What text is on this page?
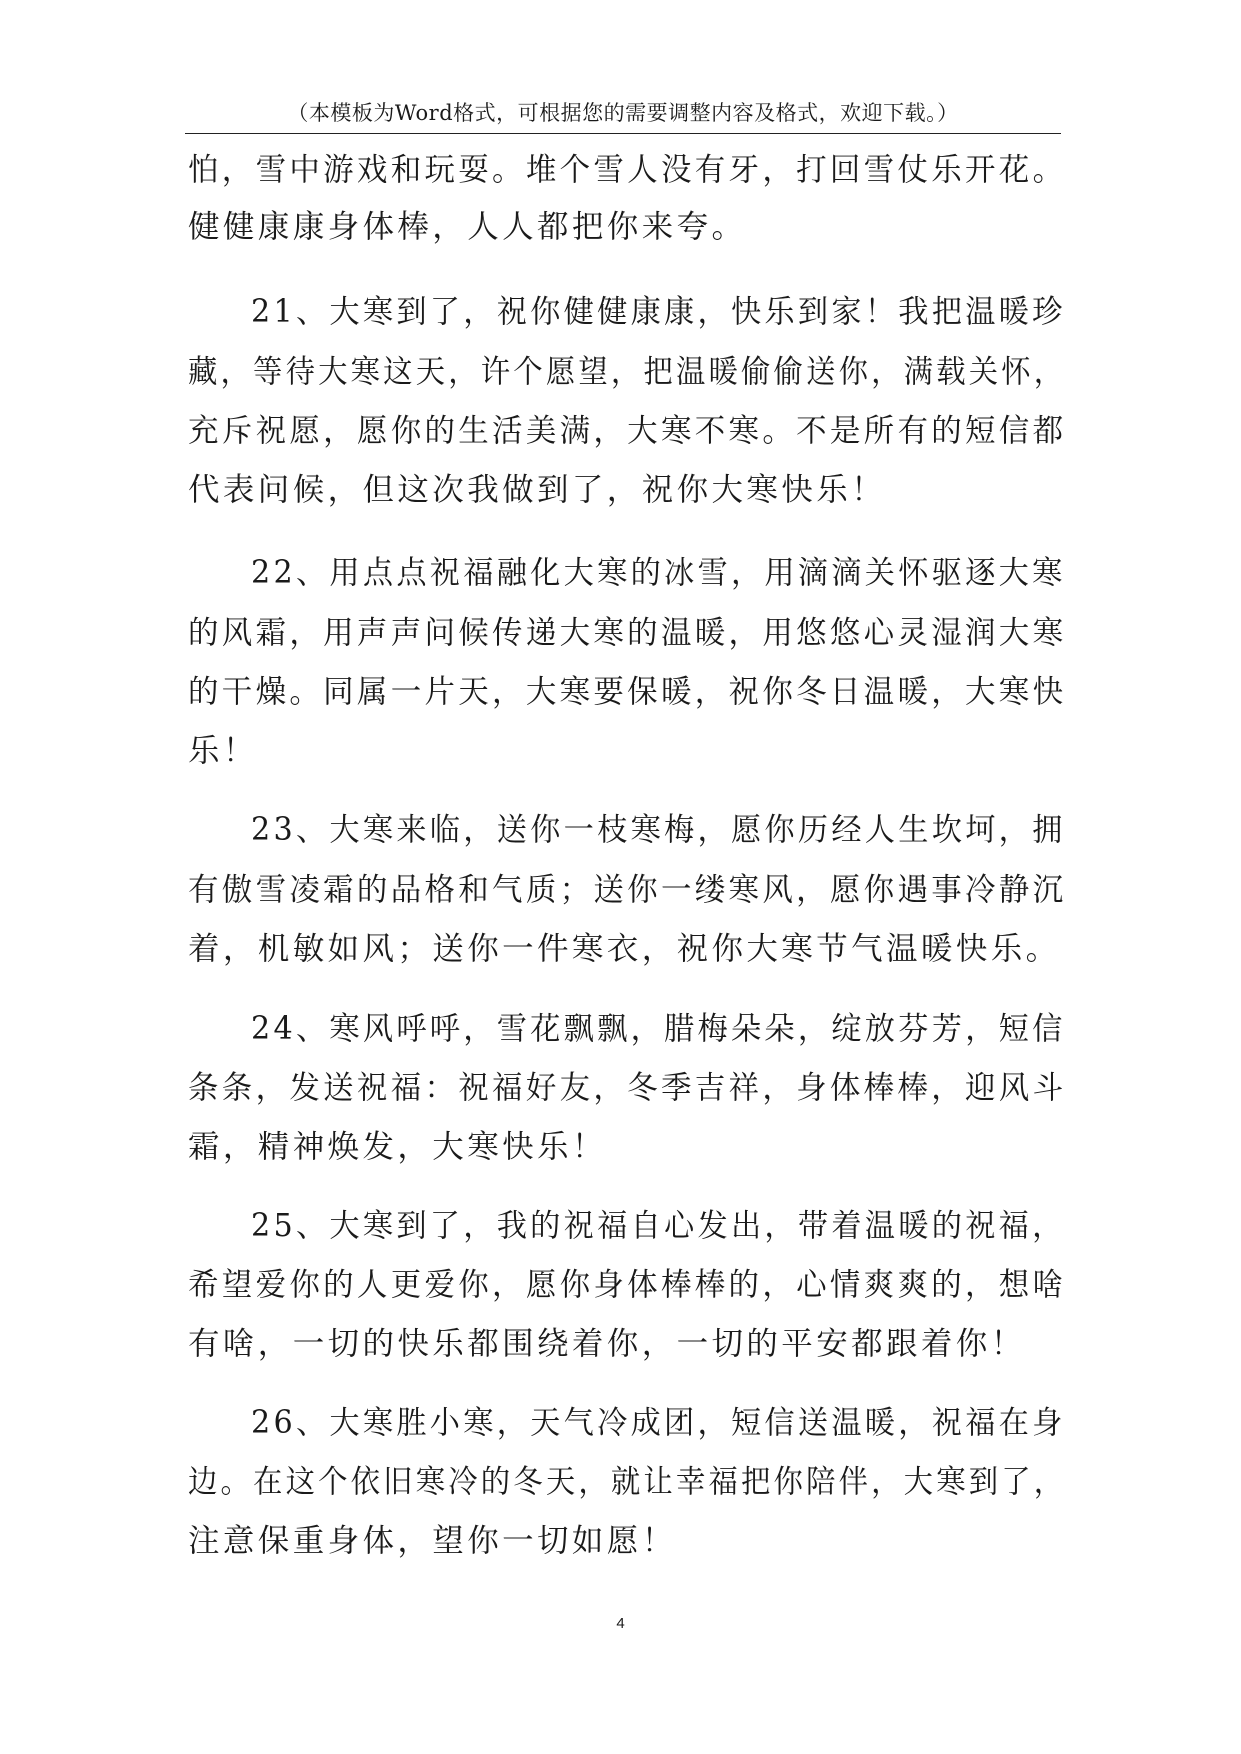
（本模板为Word格式，可根据您的需要调整内容及格式，欢迎下载。）
怕，雪中游戏和玩耍。堆个雪人没有牙，打回雪仗乐开花。
健健康康身体棒，人人都把你来夸。
21、大寒到了，祝你健健康康，快乐到家！我把温暖珍
藏，等待大寒这天，许个愿望，把温暖偷偷送你，满载关怀，
充斥祝愿，愿你的生活美满，大寒不寒。不是所有的短信都
代表问候，但这次我做到了，祝你大寒快乐！
22、用点点祝福融化大寒的冰雪，用滴滴关怀驱逐大寒
的风霜，用声声问候传递大寒的温暖，用悠悠心灵湿润大寒
的干燥。同属一片天，大寒要保暖，祝你冬日温暖，大寒快
乐！
23、大寒来临，送你一枝寒梅，愿你历经人生坎坷，拥
有傲雪凌霜的品格和气质；送你一缕寒风，愿你遇事冷静沉
着，机敏如风；送你一件寒衣，祝你大寒节气温暖快乐。
24、寒风呼呼，雪花飘飘，腊梅朵朵，绽放芬芳，短信
条条，发送祝福：祝福好友，冬季吉祥，身体棒棒，迎风斗
霜，精神焕发，大寒快乐！
25、大寒到了，我的祝福自心发出，带着温暖的祝福，
希望爱你的人更爱你，愿你身体棒棒的，心情爽爽的，想啥
有啥，一切的快乐都围绕着你，一切的平安都跟着你！
26、大寒胜小寒，天气冷成团，短信送温暖，祝福在身
边。在这个依旧寒冷的冬天，就让幸福把你陪伴，大寒到了，
注意保重身体，望你一切如愿！
4
